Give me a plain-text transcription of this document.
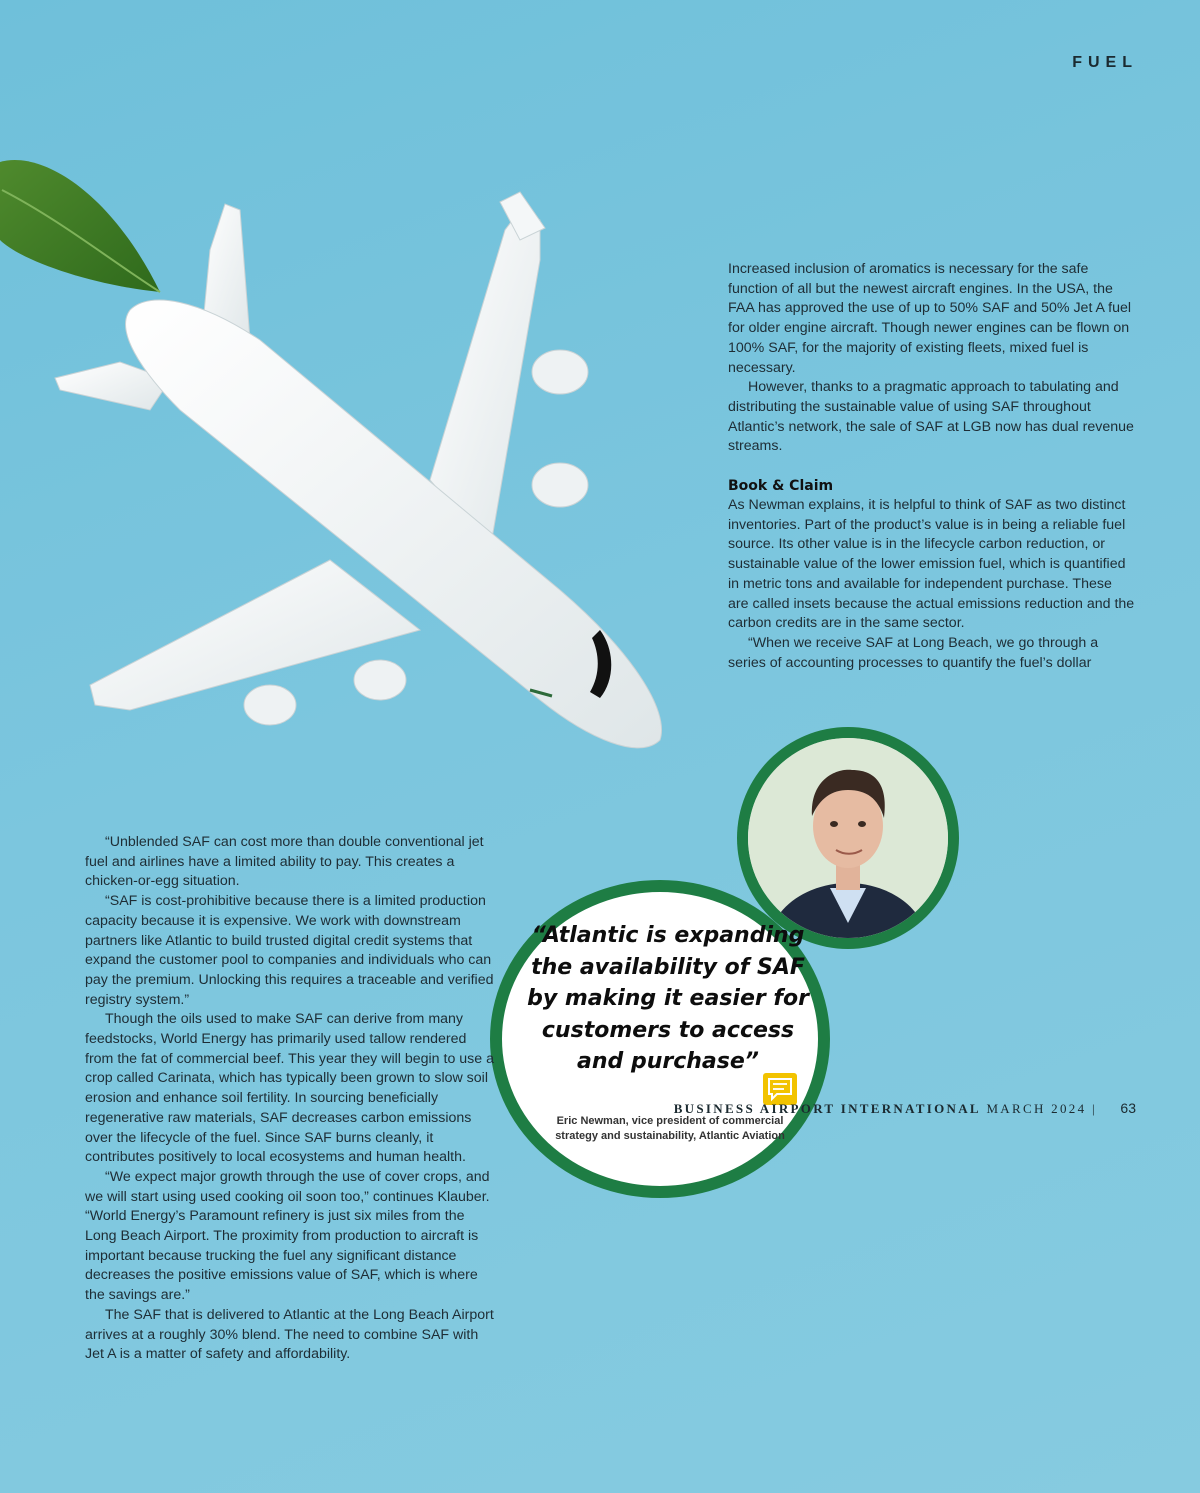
FUEL

Increased inclusion of aromatics is necessary for the safe function of all but the newest aircraft engines. In the USA, the FAA has approved the use of up to 50% SAF and 50% Jet A fuel for older engine aircraft. Though newer engines can be flown on 100% SAF, for the majority of existing fleets, mixed fuel is necessary.

However, thanks to a pragmatic approach to tabulating and distributing the sustainable value of using SAF throughout Atlantic’s network, the sale of SAF at LGB now has dual revenue streams.

Book & Claim

As Newman explains, it is helpful to think of SAF as two distinct inventories. Part of the product’s value is in being a reliable fuel source. Its other value is in the lifecycle carbon reduction, or sustainable value of the lower emission fuel, which is quantified in metric tons and available for independent purchase. These are called insets because the actual emissions reduction and the carbon credits are in the same sector.

“When we receive SAF at Long Beach, we go through a series of accounting processes to quantify the fuel’s dollar

“Atlantic is expanding the availability of SAF by making it easier for customers to access and purchase”
Eric Newman, vice president of commercial strategy and sustainability, Atlantic Aviation

“Unblended SAF can cost more than double conventional jet fuel and airlines have a limited ability to pay. This creates a chicken-or-egg situation.

“SAF is cost-prohibitive because there is a limited production capacity because it is expensive. We work with downstream partners like Atlantic to build trusted digital credit systems that expand the customer pool to companies and individuals who can pay the premium. Unlocking this requires a traceable and verified registry system.”

Though the oils used to make SAF can derive from many feedstocks, World Energy has primarily used tallow rendered from the fat of commercial beef. This year they will begin to use a crop called Carinata, which has typically been grown to slow soil erosion and enhance soil fertility. In sourcing beneficially regenerative raw materials, SAF decreases carbon emissions over the lifecycle of the fuel. Since SAF burns cleanly, it contributes positively to local ecosystems and human health.

“We expect major growth through the use of cover crops, and we will start using used cooking oil soon too,” continues Klauber. “World Energy’s Paramount refinery is just six miles from the Long Beach Airport. The proximity from production to aircraft is important because trucking the fuel any significant distance decreases the positive emissions value of SAF, which is where the savings are.”

The SAF that is delivered to Atlantic at the Long Beach Airport arrives at a roughly 30% blend. The need to combine SAF with Jet A is a matter of safety and affordability.

BUSINESS AIRPORT INTERNATIONAL MARCH 2024 | 63
